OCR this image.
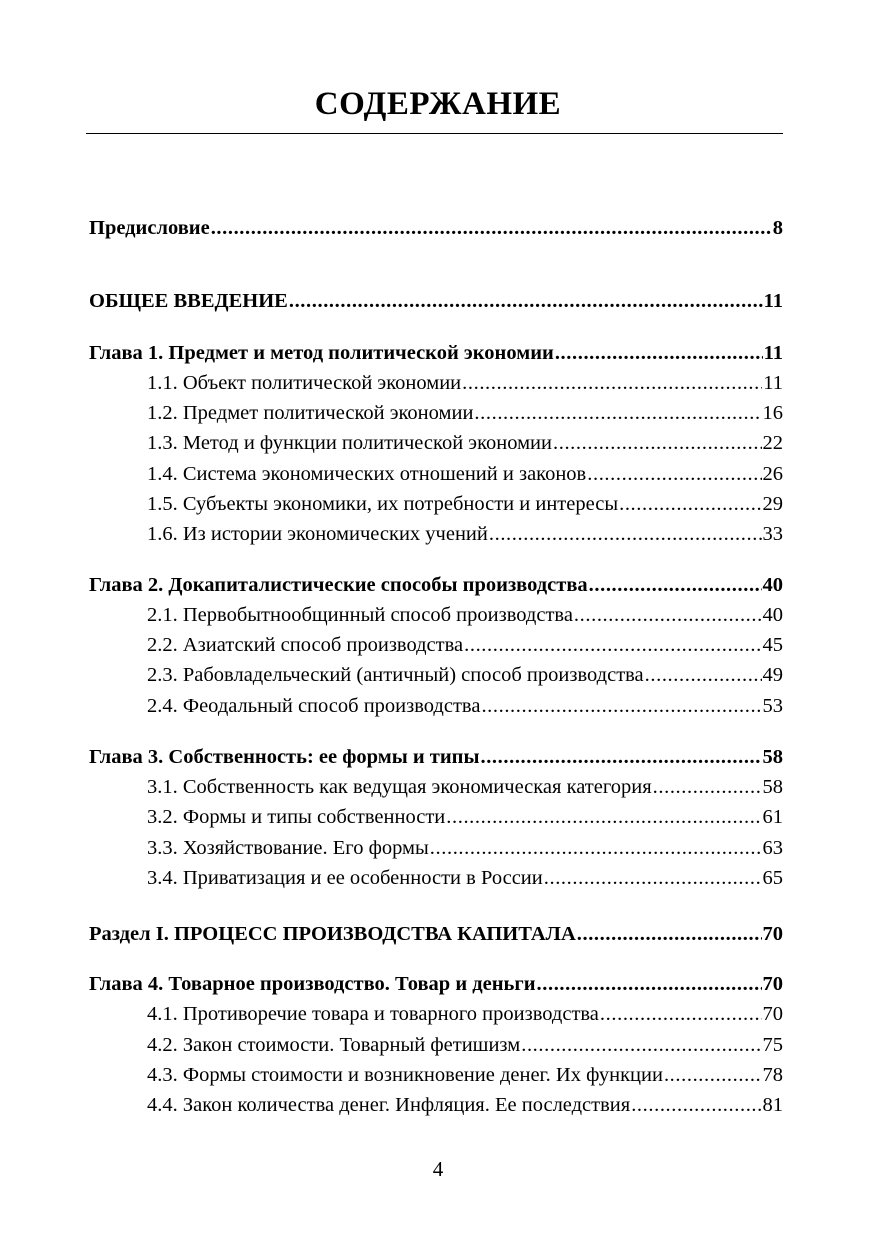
СОДЕРЖАНИЕ
Предисловие .....	8
ОБЩЕЕ ВВЕДЕНИЕ .....	11
Глава 1. Предмет и метод политической экономии .....	11
1.1. Объект политической экономии .....	11
1.2. Предмет политической экономии .....	16
1.3. Метод и функции политической экономии .....	22
1.4. Система экономических отношений и законов .....	26
1.5. Субъекты экономики, их потребности и интересы .....	29
1.6. Из истории экономических учений .....	33
Глава 2. Докапиталистические способы производства .....	40
2.1. Первобытнообщинный способ производства .....	40
2.2. Азиатский способ производства .....	45
2.3. Рабовладельческий (античный) способ производства .....	49
2.4. Феодальный способ производства .....	53
Глава 3. Собственность: ее формы и типы .....	58
3.1. Собственность как ведущая экономическая категория .....	58
3.2. Формы и типы собственности .....	61
3.3. Хозяйствование. Его формы .....	63
3.4. Приватизация и ее особенности в России .....	65
Раздел I. ПРОЦЕСС ПРОИЗВОДСТВА КАПИТАЛА .....	70
Глава 4. Товарное производство. Товар и деньги .....	70
4.1. Противоречие товара и товарного производства .....	70
4.2. Закон стоимости. Товарный фетишизм .....	75
4.3. Формы стоимости и возникновение денег. Их функции .....	78
4.4. Закон количества денег. Инфляция. Ее последствия .....	81
4
